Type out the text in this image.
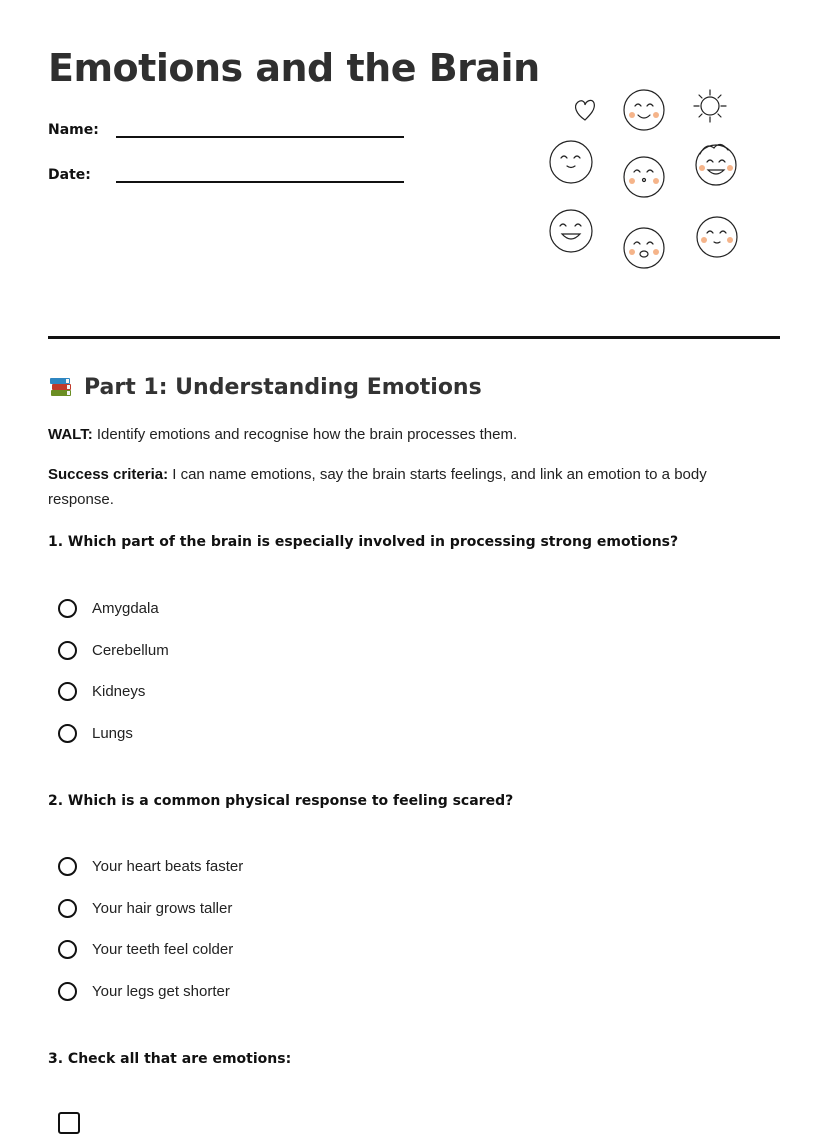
Emotions and the Brain
Name:
Date:
Part 1: Understanding Emotions

WALT: Identify emotions and recognise how the brain processes them.

Success criteria: I can name emotions, say the brain starts feelings, and link an emotion to a body response.

1. Which part of the brain is especially involved in processing strong emotions?

Amygdala
Cerebellum
Kidneys
Lungs

2. Which is a common physical response to feeling scared?

Your heart beats faster
Your hair grows taller
Your teeth feel colder
Your legs get shorter

3. Check all that are emotions:
